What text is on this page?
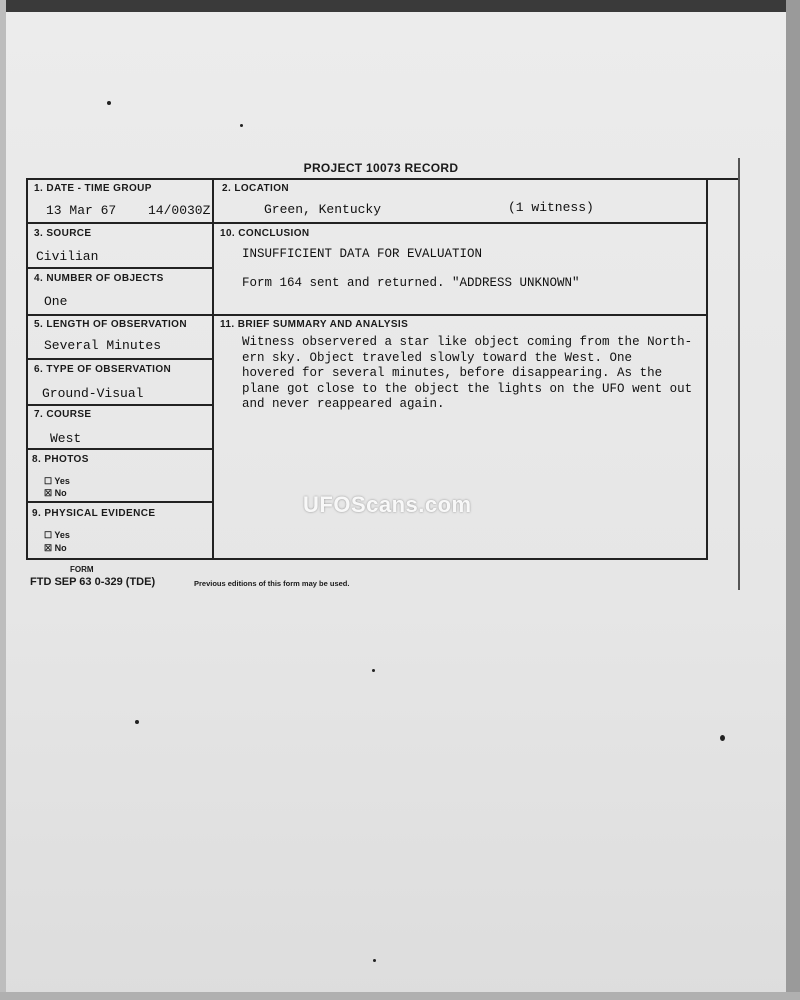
PROJECT 10073 RECORD
1. DATE - TIME GROUP
13 Mar 67 14/0030Z
2. LOCATION
Green, Kentucky	(1 witness)
3. SOURCE
Civilian
10. CONCLUSION
INSUFFICIENT DATA FOR EVALUATION
Form 164 sent and returned. "ADDRESS UNKNOWN"
4. NUMBER OF OBJECTS
One
5. LENGTH OF OBSERVATION
Several Minutes
11. BRIEF SUMMARY AND ANALYSIS
Witness observered a star like object coming from the North-
ern sky. Object traveled slowly toward the West. One
hovered for several minutes, before disappearing. As the
plane got close to the object the lights on the UFO went out
and never reappeared again.
6. TYPE OF OBSERVATION
Ground-Visual
7. COURSE
West
8. PHOTOS
☐ Yes
☒ No
9. PHYSICAL EVIDENCE
☐ Yes
☒ No
FORM
FTD SEP 63 0-329 (TDE)	Previous editions of this form may be used.
UFOScans.com
